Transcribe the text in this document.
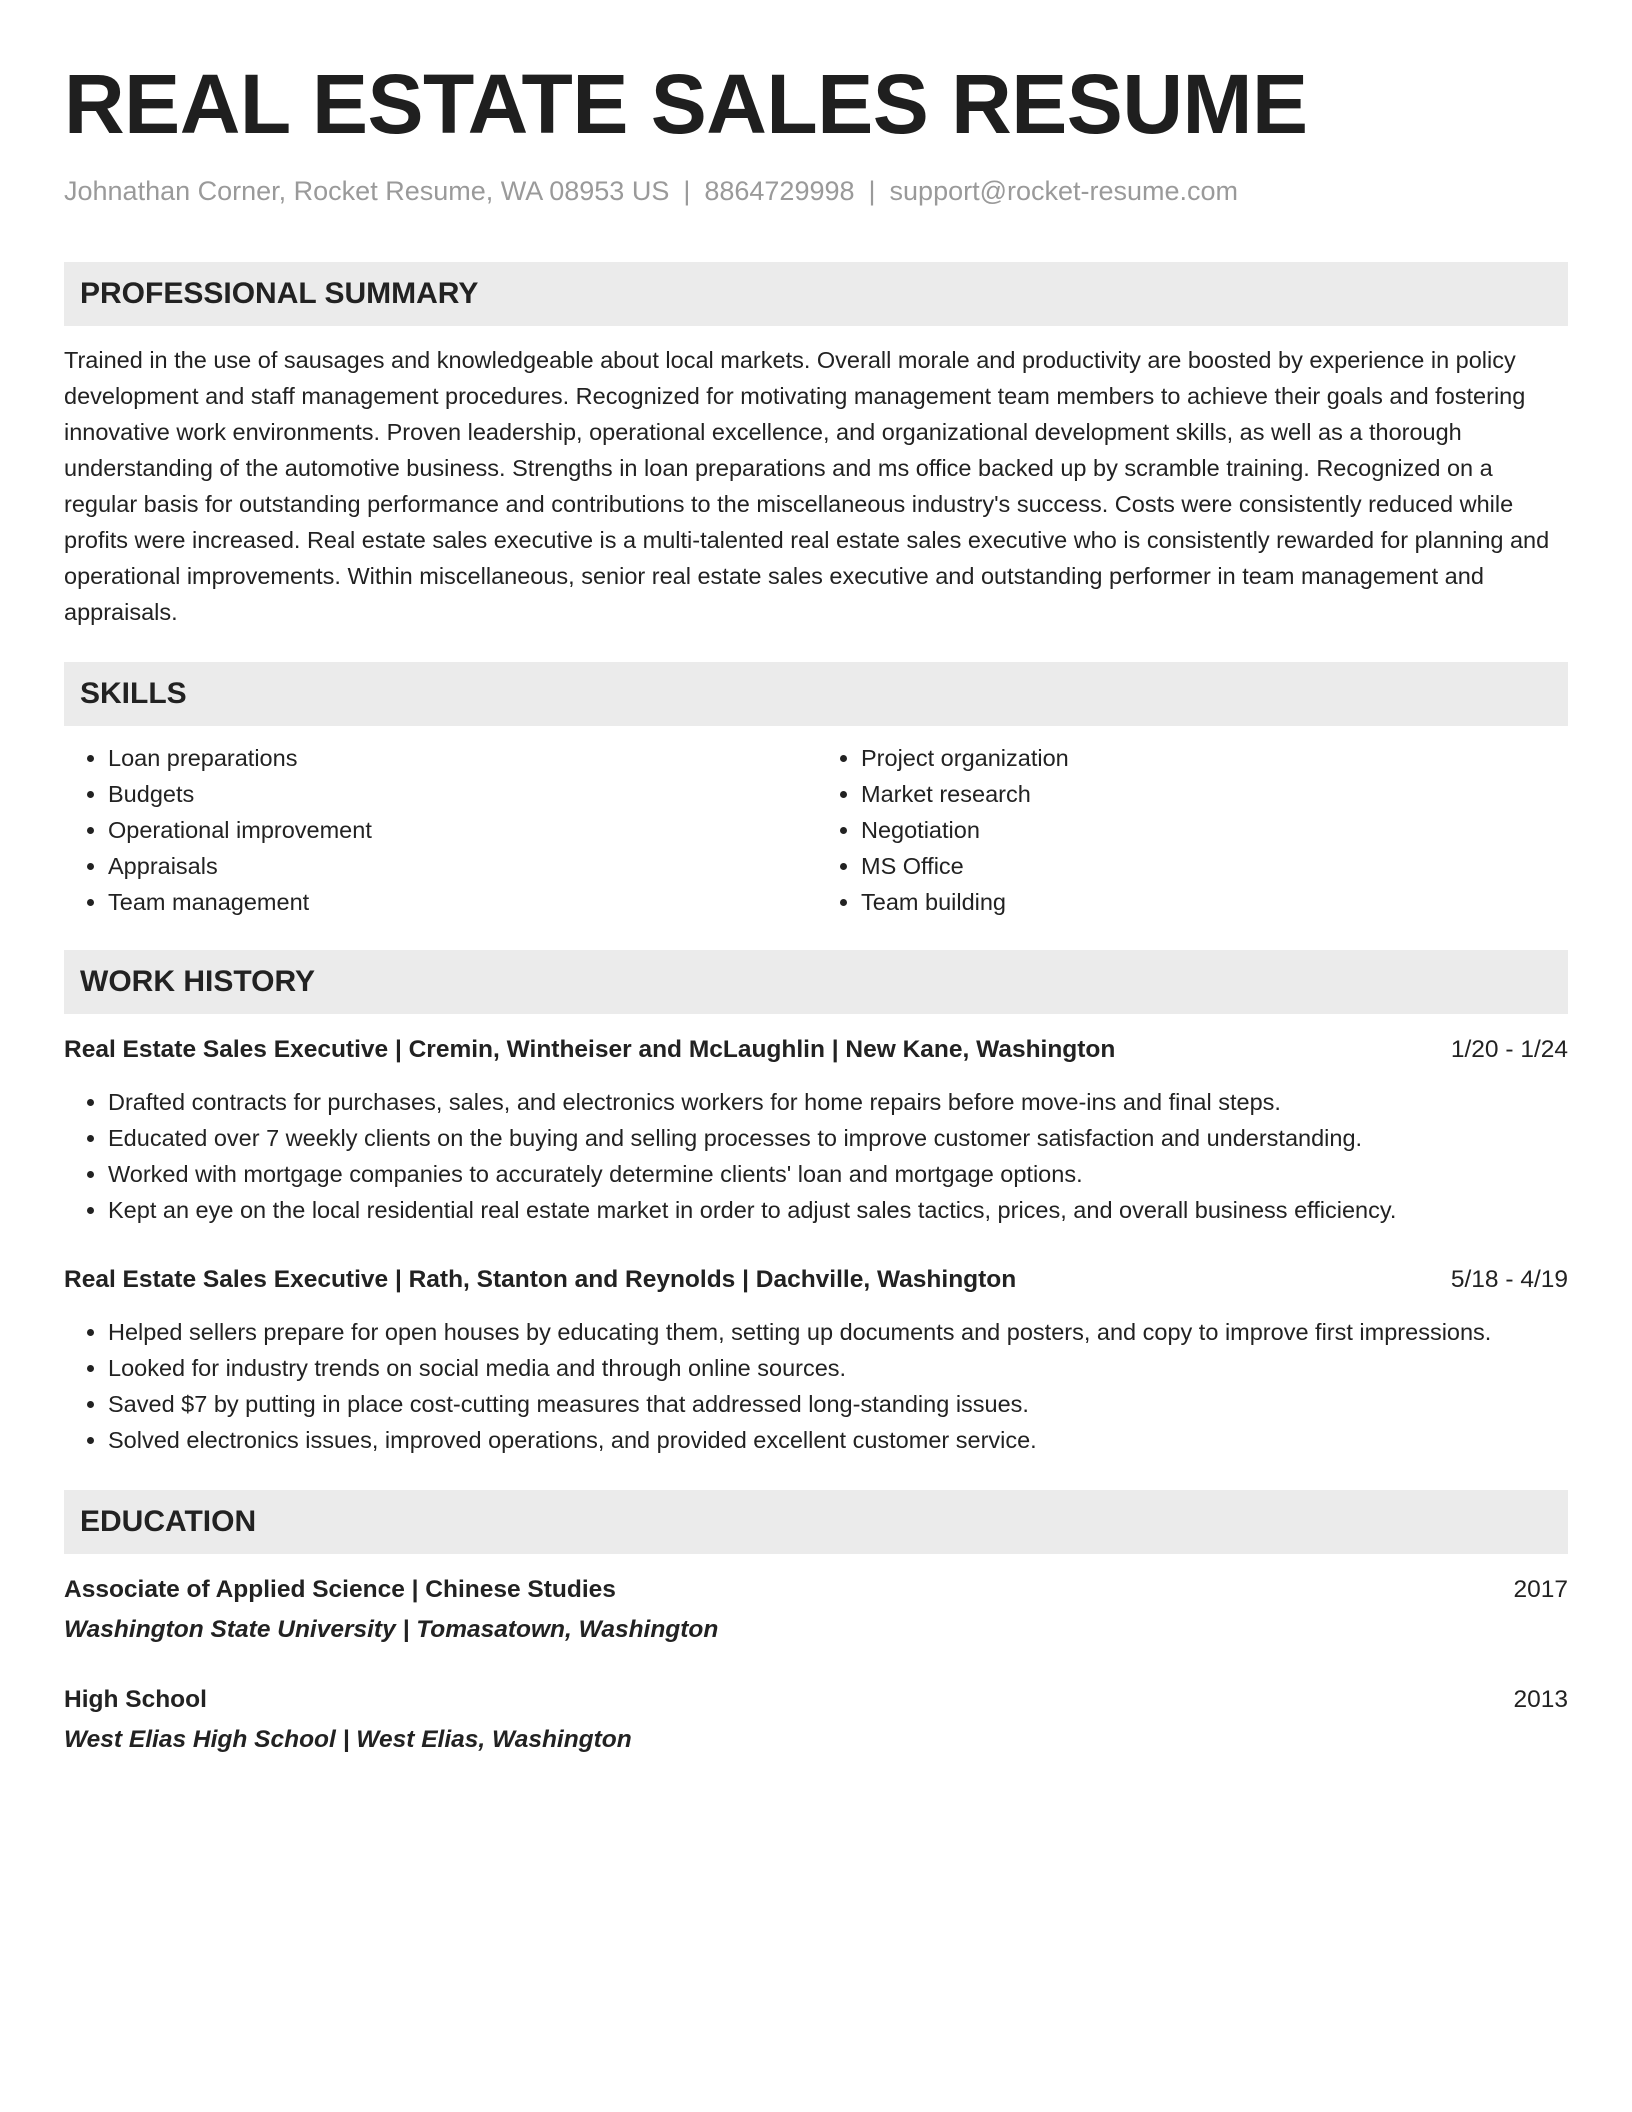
REAL ESTATE SALES RESUME
Johnathan Corner, Rocket Resume, WA 08953 US | 8864729998 | support@rocket-resume.com
PROFESSIONAL SUMMARY
Trained in the use of sausages and knowledgeable about local markets. Overall morale and productivity are boosted by experience in policy development and staff management procedures. Recognized for motivating management team members to achieve their goals and fostering innovative work environments. Proven leadership, operational excellence, and organizational development skills, as well as a thorough understanding of the automotive business. Strengths in loan preparations and ms office backed up by scramble training. Recognized on a regular basis for outstanding performance and contributions to the miscellaneous industry's success. Costs were consistently reduced while profits were increased. Real estate sales executive is a multi-talented real estate sales executive who is consistently rewarded for planning and operational improvements. Within miscellaneous, senior real estate sales executive and outstanding performer in team management and appraisals.
SKILLS
• Loan preparations
• Budgets
• Operational improvement
• Appraisals
• Team management
• Project organization
• Market research
• Negotiation
• MS Office
• Team building
WORK HISTORY
Real Estate Sales Executive | Cremin, Wintheiser and McLaughlin | New Kane, Washington	1/20 - 1/24
• Drafted contracts for purchases, sales, and electronics workers for home repairs before move-ins and final steps.
• Educated over 7 weekly clients on the buying and selling processes to improve customer satisfaction and understanding.
• Worked with mortgage companies to accurately determine clients' loan and mortgage options.
• Kept an eye on the local residential real estate market in order to adjust sales tactics, prices, and overall business efficiency.
Real Estate Sales Executive | Rath, Stanton and Reynolds | Dachville, Washington	5/18 - 4/19
• Helped sellers prepare for open houses by educating them, setting up documents and posters, and copy to improve first impressions.
• Looked for industry trends on social media and through online sources.
• Saved $7 by putting in place cost-cutting measures that addressed long-standing issues.
• Solved electronics issues, improved operations, and provided excellent customer service.
EDUCATION
Associate of Applied Science | Chinese Studies	2017
Washington State University | Tomasatown, Washington
High School	2013
West Elias High School | West Elias, Washington
